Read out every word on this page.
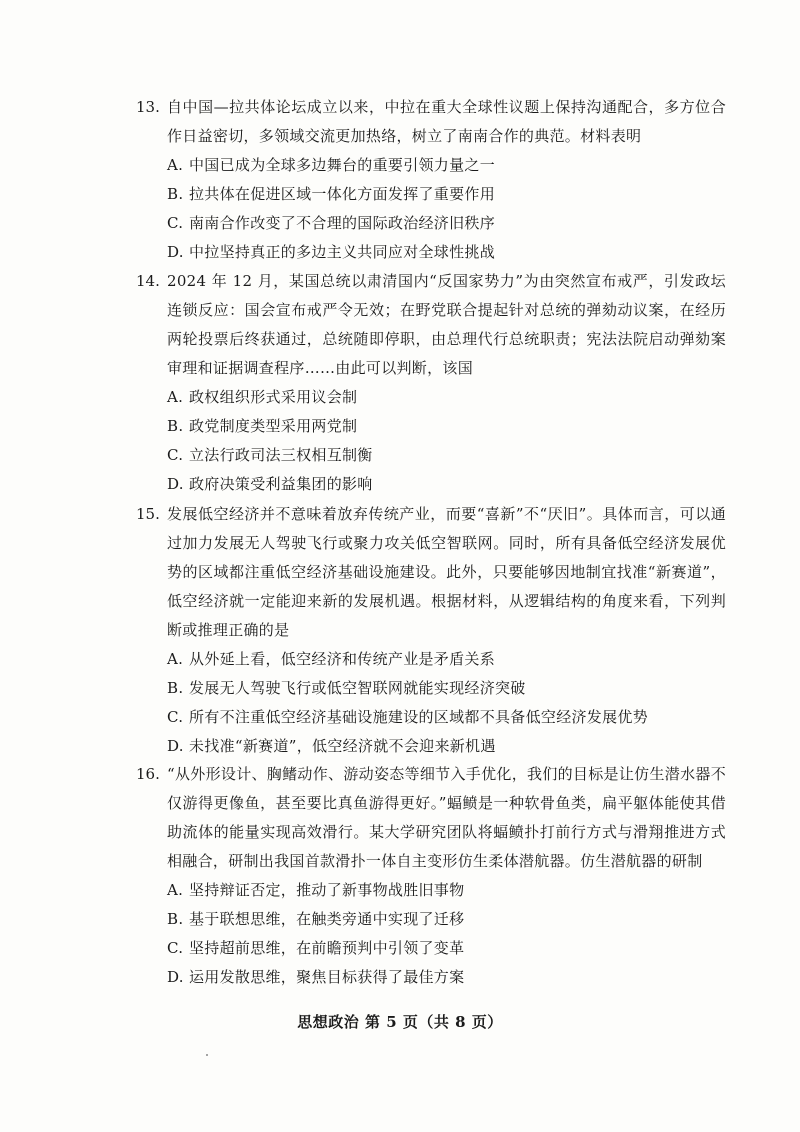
13. 自中国—拉共体论坛成立以来，中拉在重大全球性议题上保持沟通配合，多方位合作日益密切，多领域交流更加热络，树立了南南合作的典范。材料表明
A. 中国已成为全球多边舞台的重要引领力量之一
B. 拉共体在促进区域一体化方面发挥了重要作用
C. 南南合作改变了不合理的国际政治经济旧秩序
D. 中拉坚持真正的多边主义共同应对全球性挑战
14. 2024 年 12 月，某国总统以肃清国内“反国家势力”为由突然宣布戒严，引发政坛连锁反应：国会宣布戒严令无效；在野党联合提起针对总统的弹劾动议案，在经历两轮投票后终获通过，总统随即停职，由总理代行总统职责；宪法法院启动弹劾案审理和证据调查程序……由此可以判断，该国
A. 政权组织形式采用议会制
B. 政党制度类型采用两党制
C. 立法行政司法三权相互制衡
D. 政府决策受利益集团的影响
15. 发展低空经济并不意味着放弃传统产业，而要“喜新”不“厌旧”。具体而言，可以通过加力发展无人驾驶飞行或聚力攻关低空智联网。同时，所有具备低空经济发展优势的区域都注重低空经济基础设施建设。此外，只要能够因地制宜找准“新赛道”，低空经济就一定能迎来新的发展机遇。根据材料，从逻辑结构的角度来看，下列判断或推理正确的是
A. 从外延上看，低空经济和传统产业是矛盾关系
B. 发展无人驾驶飞行或低空智联网就能实现经济突破
C. 所有不注重低空经济基础设施建设的区域都不具备低空经济发展优势
D. 未找准“新赛道”，低空经济就不会迎来新机遇
16. “从外形设计、胸鳍动作、游动姿态等细节入手优化，我们的目标是让仿生潜水器不仅游得更像鱼，甚至要比真鱼游得更好。”蝠鲼是一种软骨鱼类，扁平躯体能使其借助流体的能量实现高效滑行。某大学研究团队将蝠鲼扑打前行方式与滑翔推进方式相融合，研制出我国首款滑扑一体自主变形仿生柔体潜航器。仿生潜航器的研制
A. 坚持辩证否定，推动了新事物战胜旧事物
B. 基于联想思维，在触类旁通中实现了迁移
C. 坚持超前思维，在前瞻预判中引领了变革
D. 运用发散思维，聚焦目标获得了最佳方案
思想政治 第 5 页（共 8 页）
